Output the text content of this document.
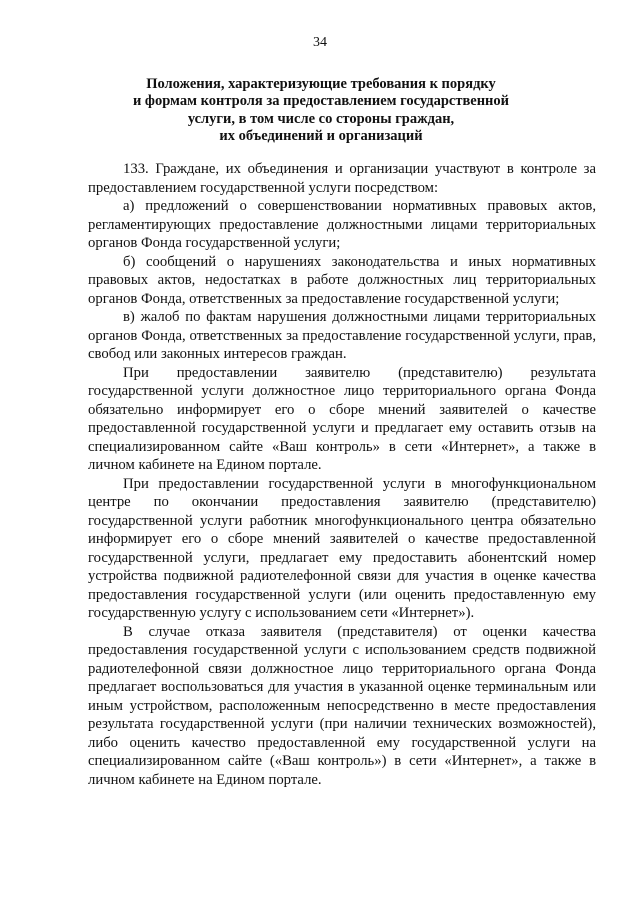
34
Положения, характеризующие требования к порядку
и формам контроля за предоставлением государственной
услуги, в том числе со стороны граждан,
их объединений и организаций

133. Граждане, их объединения и организации участвуют в контроле за предоставлением государственной услуги посредством:

а) предложений о совершенствовании нормативных правовых актов, регламентирующих предоставление должностными лицами территориальных органов Фонда государственной услуги;

б) сообщений о нарушениях законодательства и иных нормативных правовых актов, недостатках в работе должностных лиц территориальных органов Фонда, ответственных за предоставление государственной услуги;

в) жалоб по фактам нарушения должностными лицами территориальных органов Фонда, ответственных за предоставление государственной услуги, прав, свобод или законных интересов граждан.

При предоставлении заявителю (представителю) результата государственной услуги должностное лицо территориального органа Фонда обязательно информирует его о сборе мнений заявителей о качестве предоставленной государственной услуги и предлагает ему оставить отзыв на специализированном сайте «Ваш контроль» в сети «Интернет», а также в личном кабинете на Едином портале.

При предоставлении государственной услуги в многофункциональном центре по окончании предоставления заявителю (представителю) государственной услуги работник многофункционального центра обязательно информирует его о сборе мнений заявителей о качестве предоставленной государственной услуги, предлагает ему предоставить абонентский номер устройства подвижной радиотелефонной связи для участия в оценке качества предоставления государственной услуги (или оценить предоставленную ему государственную услугу с использованием сети «Интернет»).

В случае отказа заявителя (представителя) от оценки качества предоставления государственной услуги с использованием средств подвижной радиотелефонной связи должностное лицо территориального органа Фонда предлагает воспользоваться для участия в указанной оценке терминальным или иным устройством, расположенным непосредственно в месте предоставления результата государственной услуги (при наличии технических возможностей), либо оценить качество предоставленной ему государственной услуги на специализированном сайте («Ваш контроль») в сети «Интернет», а также в личном кабинете на Едином портале.
